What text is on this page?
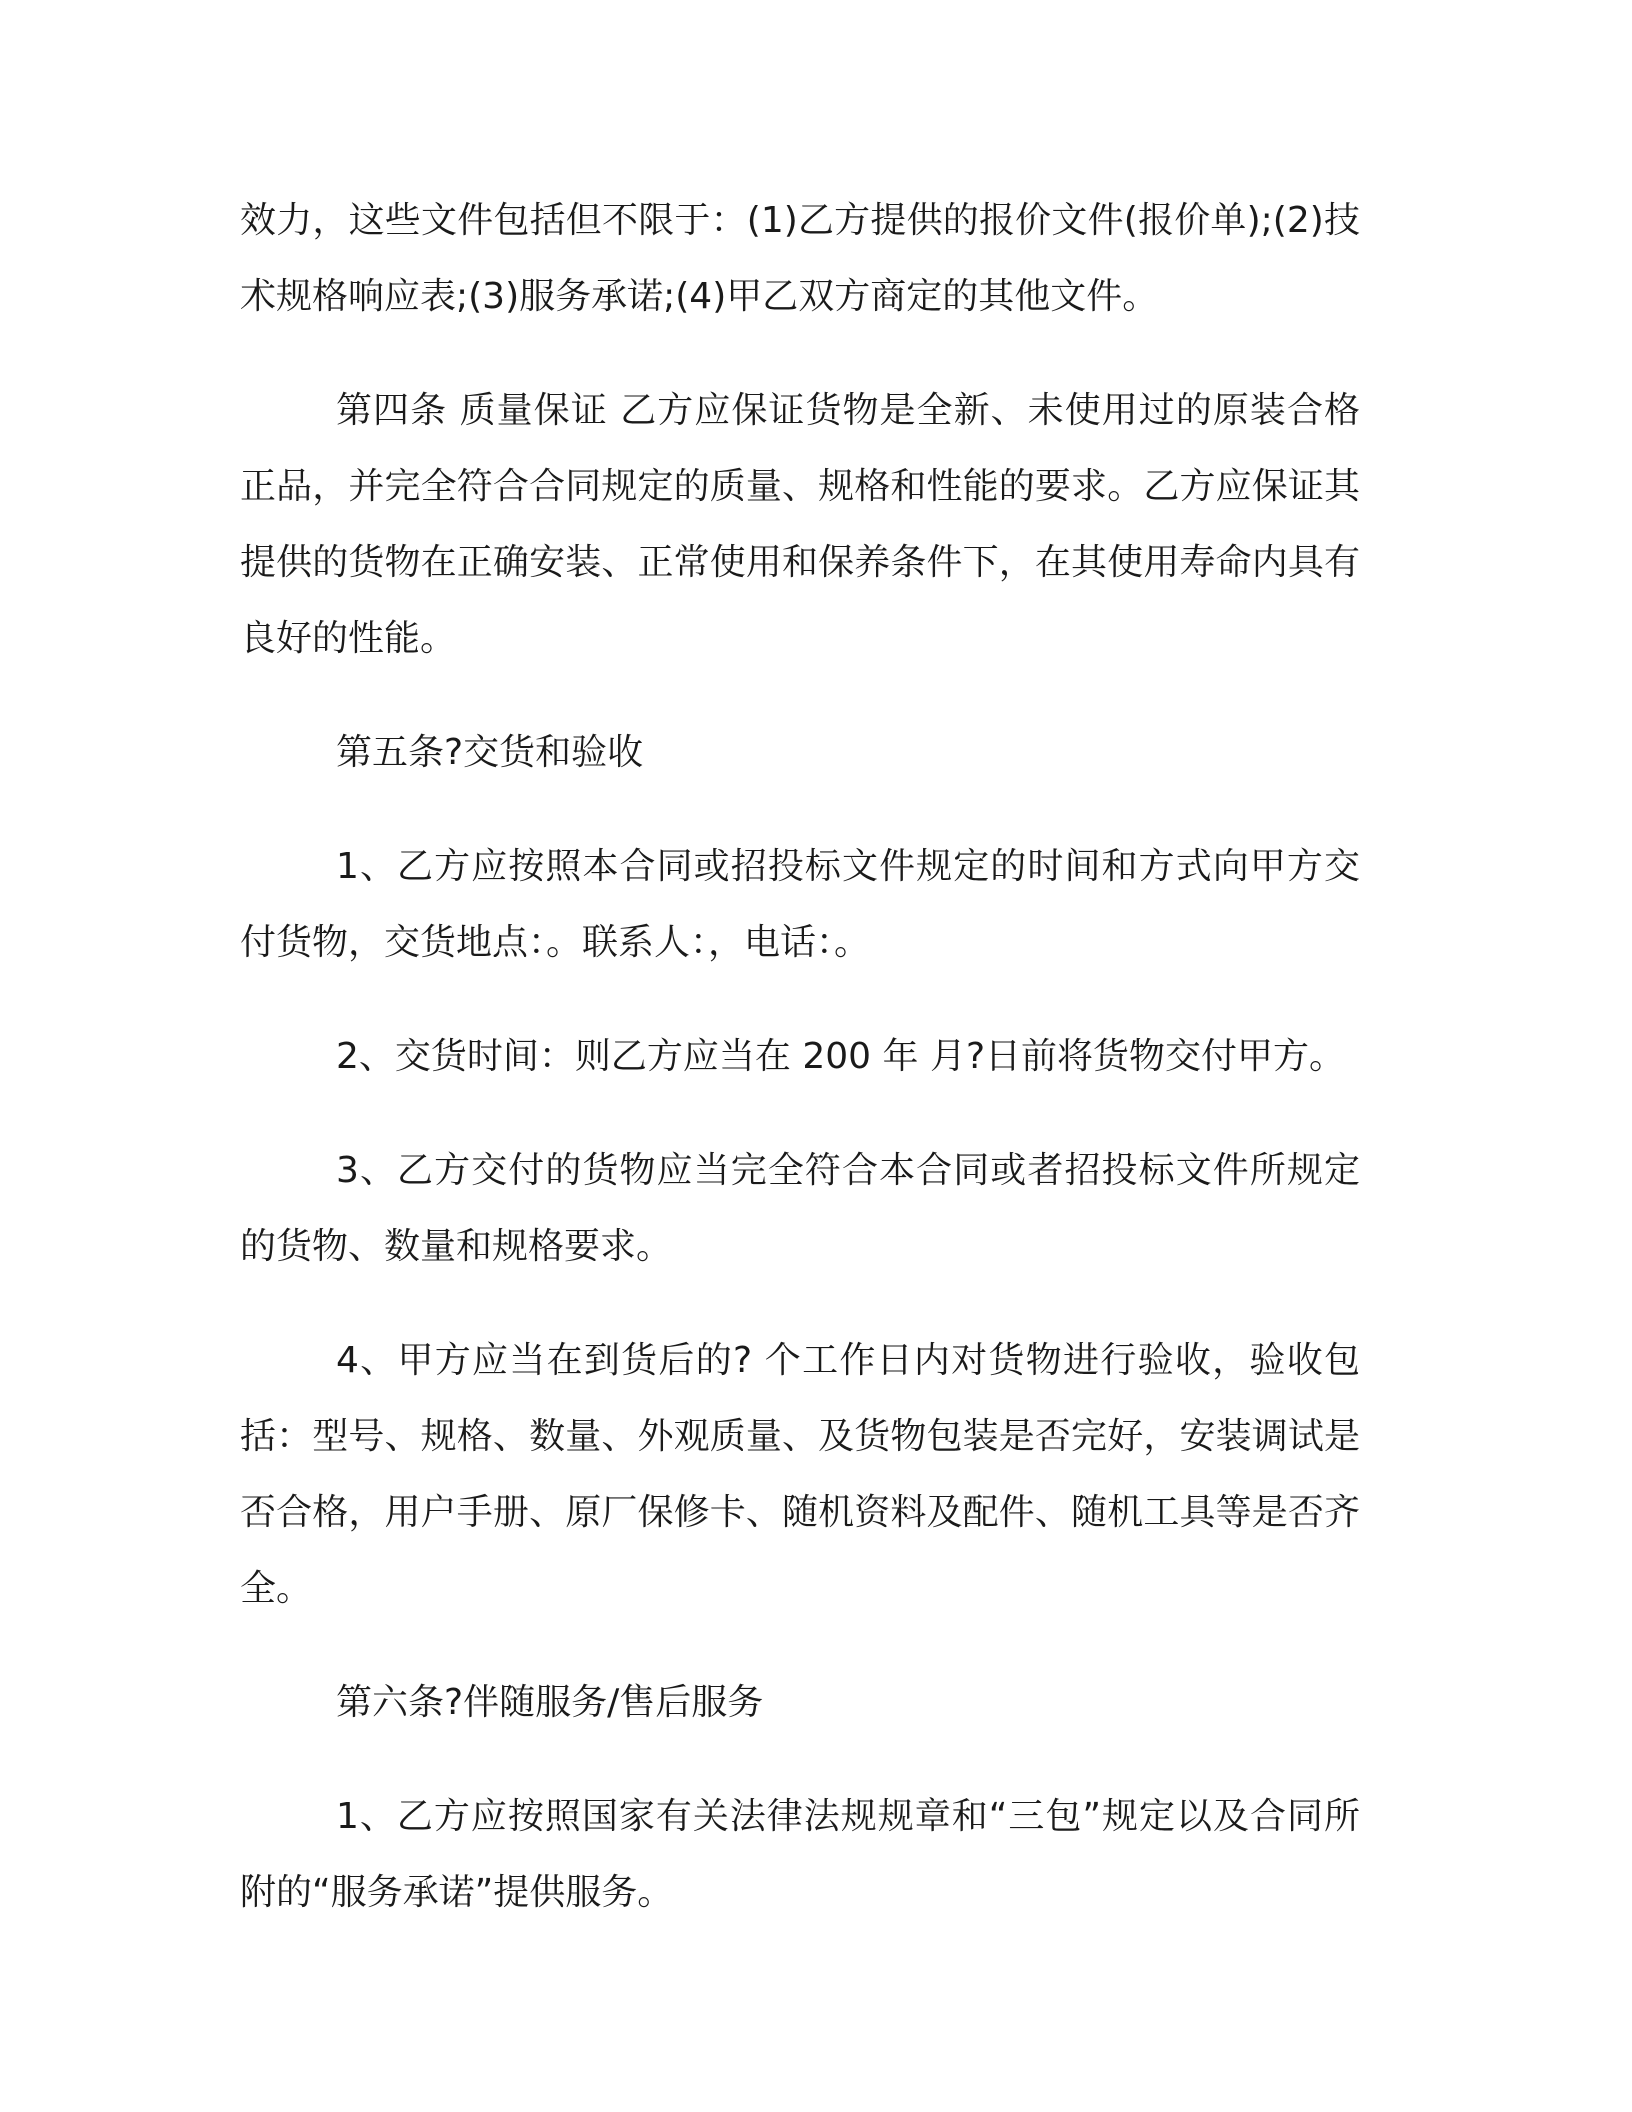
效力，这些文件包括但不限于：(1)乙方提供的报价文件(报价单);(2)技术规格响应表;(3)服务承诺;(4)甲乙双方商定的其他文件。

第四条 质量保证 乙方应保证货物是全新、未使用过的原装合格正品，并完全符合合同规定的质量、规格和性能的要求。乙方应保证其提供的货物在正确安装、正常使用和保养条件下，在其使用寿命内具有良好的性能。

第五条?交货和验收

1、乙方应按照本合同或招投标文件规定的时间和方式向甲方交付货物，交货地点：。联系人：，电话：。

2、交货时间：则乙方应当在 200 年 月?日前将货物交付甲方。

3、乙方交付的货物应当完全符合本合同或者招投标文件所规定的货物、数量和规格要求。

4、甲方应当在到货后的? 个工作日内对货物进行验收，验收包括：型号、规格、数量、外观质量、及货物包装是否完好，安装调试是否合格，用户手册、原厂保修卡、随机资料及配件、随机工具等是否齐全。

第六条?伴随服务/售后服务

1、乙方应按照国家有关法律法规规章和“三包”规定以及合同所附的“服务承诺”提供服务。
